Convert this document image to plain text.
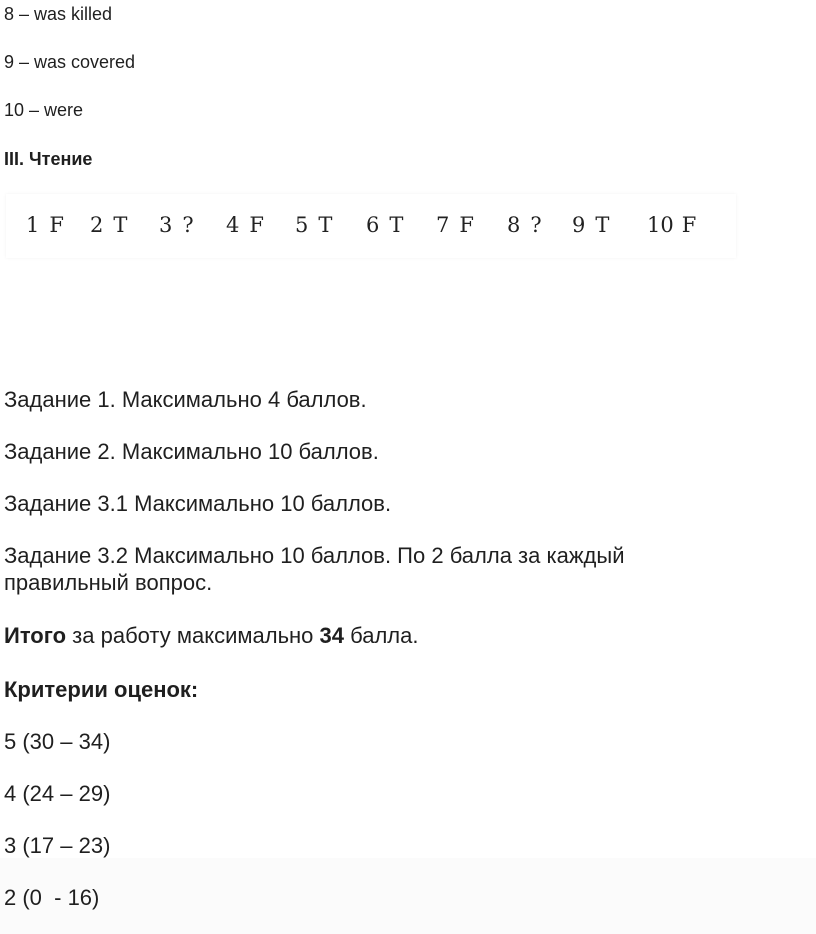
8 – was killed
9 – was covered
10 – were
III. Чтение
1 F 2 T 3 ? 4 F 5 T 6 T 7 F 8 ? 9 T 10 F
Задание 1. Максимально 4 баллов.
Задание 2. Максимально 10 баллов.
Задание 3.1 Максимально 10 баллов.
Задание 3.2 Максимально 10 баллов. По 2 балла за каждый правильный вопрос.
Итого за работу максимально 34 балла.
Критерии оценок:
5 (30 – 34)
4 (24 – 29)
3 (17 – 23)
2 (0  - 16)
